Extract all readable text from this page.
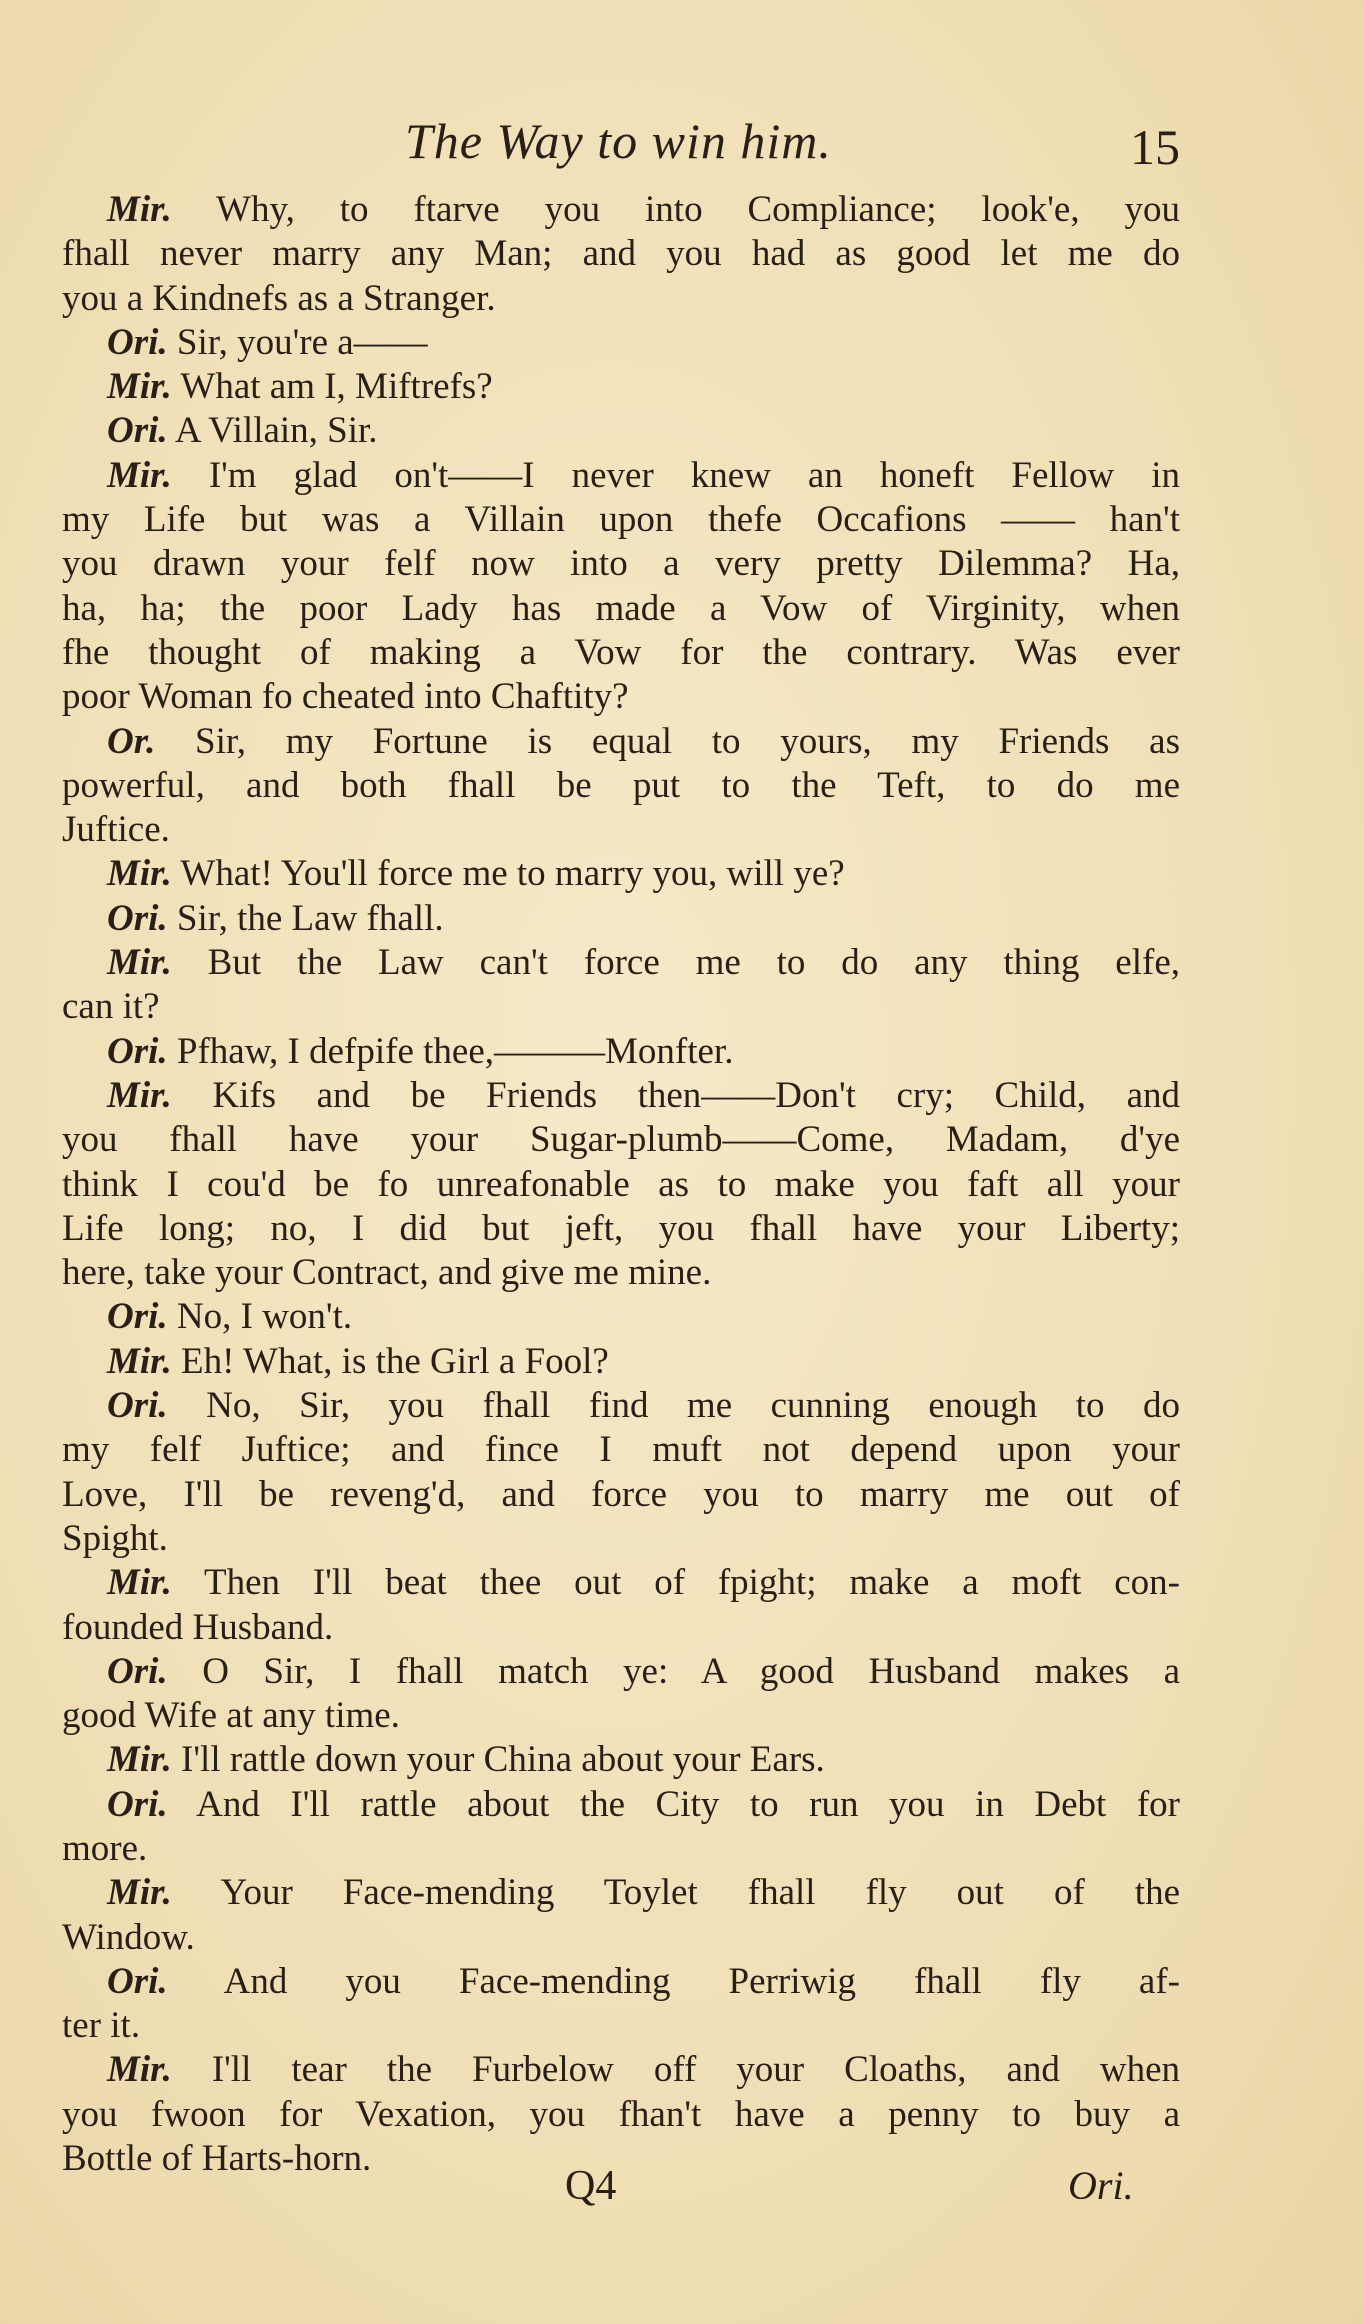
The Way to win him.	15
Mir. Why, to ftarve you into Compliance; look'e, you
fhall never marry any Man; and you had as good let me do
you a Kindnefs as a Stranger.
Ori. Sir, you're a——
Mir. What am I, Miftrefs?
Ori. A Villain, Sir.
Mir. I'm glad on't——I never knew an honeft Fellow in
my Life but was a Villain upon thefe Occafions —— han't
you drawn your felf now into a very pretty Dilemma? Ha,
ha, ha; the poor Lady has made a Vow of Virginity, when
fhe thought of making a Vow for the contrary. Was ever
poor Woman fo cheated into Chaftity?
Or. Sir, my Fortune is equal to yours, my Friends as
powerful, and both fhall be put to the Teft, to do me
Juftice.
Mir. What! You'll force me to marry you, will ye?
Ori. Sir, the Law fhall.
Mir. But the Law can't force me to do any thing elfe,
can it?
Ori. Pfhaw, I defpife thee,———Monfter.
Mir. Kifs and be Friends then——Don't cry; Child, and
you fhall have your Sugar-plumb——Come, Madam, d'ye
think I cou'd be fo unreafonable as to make you faft all your
Life long; no, I did but jeft, you fhall have your Liberty;
here, take your Contract, and give me mine.
Ori. No, I won't.
Mir. Eh! What, is the Girl a Fool?
Ori. No, Sir, you fhall find me cunning enough to do
my felf Juftice; and fince I muft not depend upon your
Love, I'll be reveng'd, and force you to marry me out of
Spight.
Mir. Then I'll beat thee out of fpight; make a moft con-
founded Husband.
Ori. O Sir, I fhall match ye: A good Husband makes a
good Wife at any time.
Mir. I'll rattle down your China about your Ears.
Ori. And I'll rattle about the City to run you in Debt for
more.
Mir. Your Face-mending Toylet fhall fly out of the
Window.
Ori. And you Face-mending Perriwig fhall fly af-
ter it.
Mir. I'll tear the Furbelow off your Cloaths, and when
you fwoon for Vexation, you fhan't have a penny to buy a
Bottle of Harts-horn.
Q4	Ori.
